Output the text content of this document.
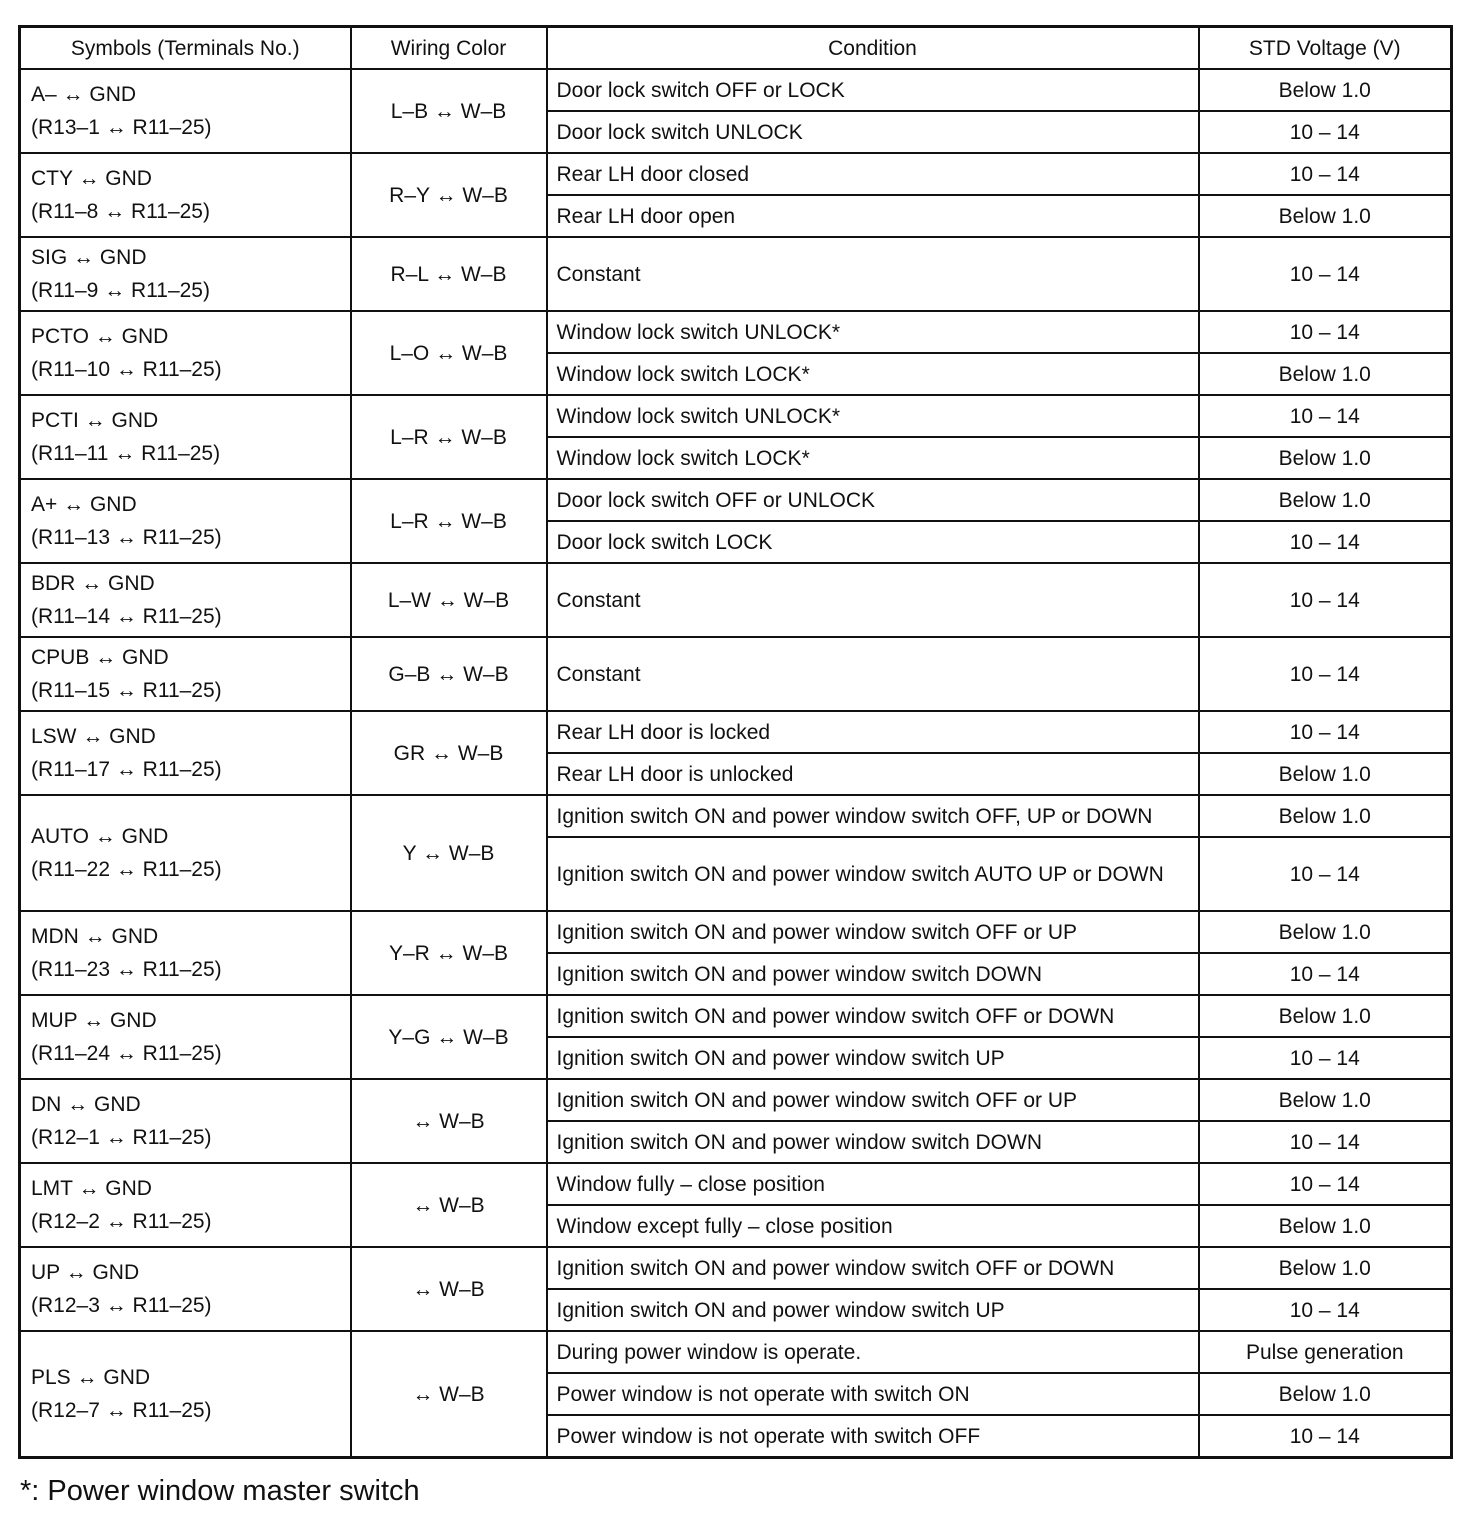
Symbols (Terminals No.)	Wiring Color	Condition	STD Voltage (V)

A– ↔ GND
(R13–1 ↔ R11–25)	L–B ↔ W–B	Door lock switch OFF or LOCK	Below 1.0
		Door lock switch UNLOCK	10 – 14

CTY ↔ GND
(R11–8 ↔ R11–25)	R–Y ↔ W–B	Rear LH door closed	10 – 14
		Rear LH door open	Below 1.0

SIG ↔ GND
(R11–9 ↔ R11–25)	R–L ↔ W–B	Constant	10 – 14

PCTO ↔ GND
(R11–10 ↔ R11–25)	L–O ↔ W–B	Window lock switch UNLOCK*	10 – 14
		Window lock switch LOCK*	Below 1.0

PCTI ↔ GND
(R11–11 ↔ R11–25)	L–R ↔ W–B	Window lock switch UNLOCK*	10 – 14
		Window lock switch LOCK*	Below 1.0

A+ ↔ GND
(R11–13 ↔ R11–25)	L–R ↔ W–B	Door lock switch OFF or UNLOCK	Below 1.0
		Door lock switch LOCK	10 – 14

BDR ↔ GND
(R11–14 ↔ R11–25)	L–W ↔ W–B	Constant	10 – 14

CPUB ↔ GND
(R11–15 ↔ R11–25)	G–B ↔ W–B	Constant	10 – 14

LSW ↔ GND
(R11–17 ↔ R11–25)	GR ↔ W–B	Rear LH door is locked	10 – 14
		Rear LH door is unlocked	Below 1.0

AUTO ↔ GND
(R11–22 ↔ R11–25)	Y ↔ W–B	Ignition switch ON and power window switch OFF, UP or DOWN	Below 1.0
		Ignition switch ON and power window switch AUTO UP or DOWN	10 – 14

MDN ↔ GND
(R11–23 ↔ R11–25)	Y–R ↔ W–B	Ignition switch ON and power window switch OFF or UP	Below 1.0
		Ignition switch ON and power window switch DOWN	10 – 14

MUP ↔ GND
(R11–24 ↔ R11–25)	Y–G ↔ W–B	Ignition switch ON and power window switch OFF or DOWN	Below 1.0
		Ignition switch ON and power window switch UP	10 – 14

DN ↔ GND
(R12–1 ↔ R11–25)	↔ W–B	Ignition switch ON and power window switch OFF or UP	Below 1.0
		Ignition switch ON and power window switch DOWN	10 – 14

LMT ↔ GND
(R12–2 ↔ R11–25)	↔ W–B	Window fully – close position	10 – 14
		Window except fully – close position	Below 1.0

UP ↔ GND
(R12–3 ↔ R11–25)	↔ W–B	Ignition switch ON and power window switch OFF or DOWN	Below 1.0
		Ignition switch ON and power window switch UP	10 – 14

PLS ↔ GND
(R12–7 ↔ R11–25)	↔ W–B	During power window is operate.	Pulse generation
		Power window is not operate with switch ON	Below 1.0
		Power window is not operate with switch OFF	10 – 14

*: Power window master switch
